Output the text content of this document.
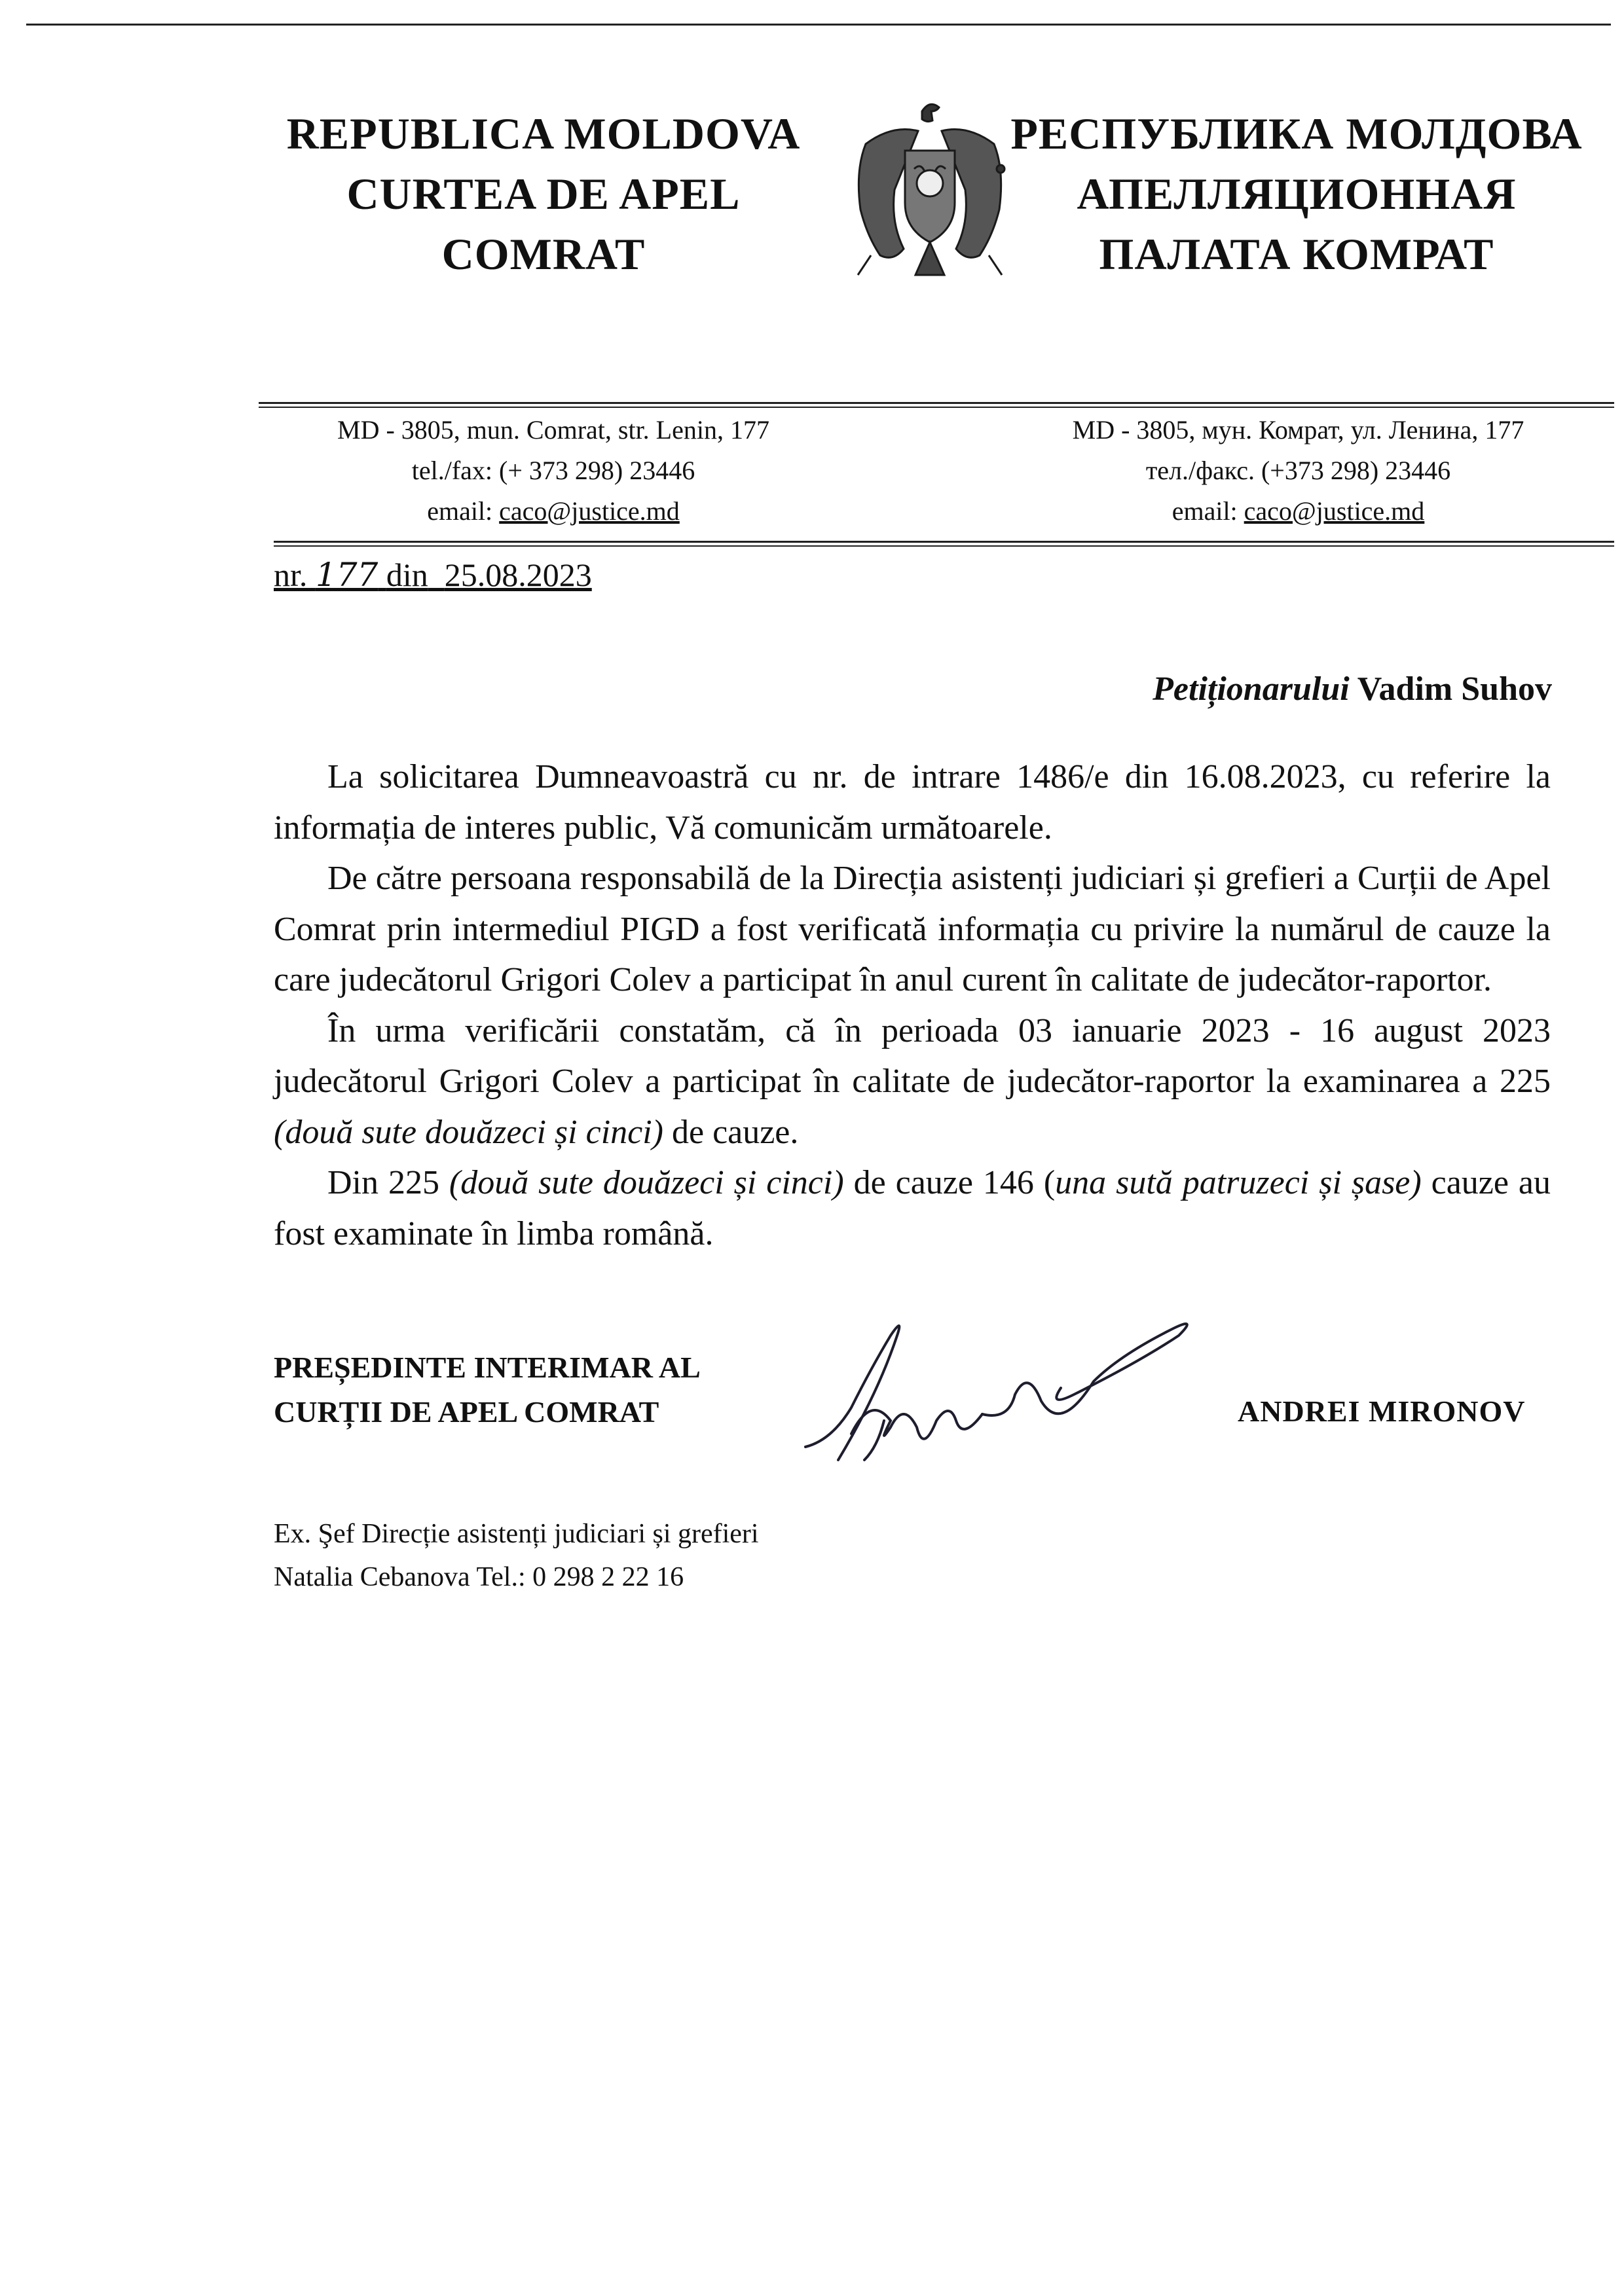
REPUBLICA MOLDOVA
CURTEA DE APEL
COMRAT
РЕСПУБЛИКА МОЛДОВА
АПЕЛЛЯЦИОННАЯ
ПАЛАТА КОМРАТ
MD - 3805, mun. Comrat, str. Lenin, 177
tel./fax: (+ 373 298) 23446
email: caco@justice.md
MD - 3805, мун. Комрат, ул. Ленина, 177
тел./факс. (+373 298) 23446
email: caco@justice.md
nr. 177 din 25.08.2023
Petiționarului Vadim Suhov

La solicitarea Dumneavoastră cu nr. de intrare 1486/e din 16.08.2023, cu referire la informația de interes public, Vă comunicăm următoarele.

De către persoana responsabilă de la Direcția asistenți judiciari și grefieri a Curții de Apel Comrat prin intermediul PIGD a fost verificată informația cu privire la numărul de cauze la care judecătorul Grigori Colev a participat în anul curent în calitate de judecător-raportor.

În urma verificării constatăm, că în perioada 03 ianuarie 2023 - 16 august 2023 judecătorul Grigori Colev a participat în calitate de judecător-raportor la examinarea a 225 (două sute douăzeci și cinci) de cauze.

Din 225 (două sute douăzeci și cinci) de cauze 146 (una sută patruzeci și șase) cauze au fost examinate în limba română.

PREȘEDINTE INTERIMAR AL
CURȚII DE APEL COMRAT	ANDREI MIRONOV
Ex. Şef Direcție asistenți judiciari și grefieri
Natalia Cebanova Tel.: 0 298 2 22 16
